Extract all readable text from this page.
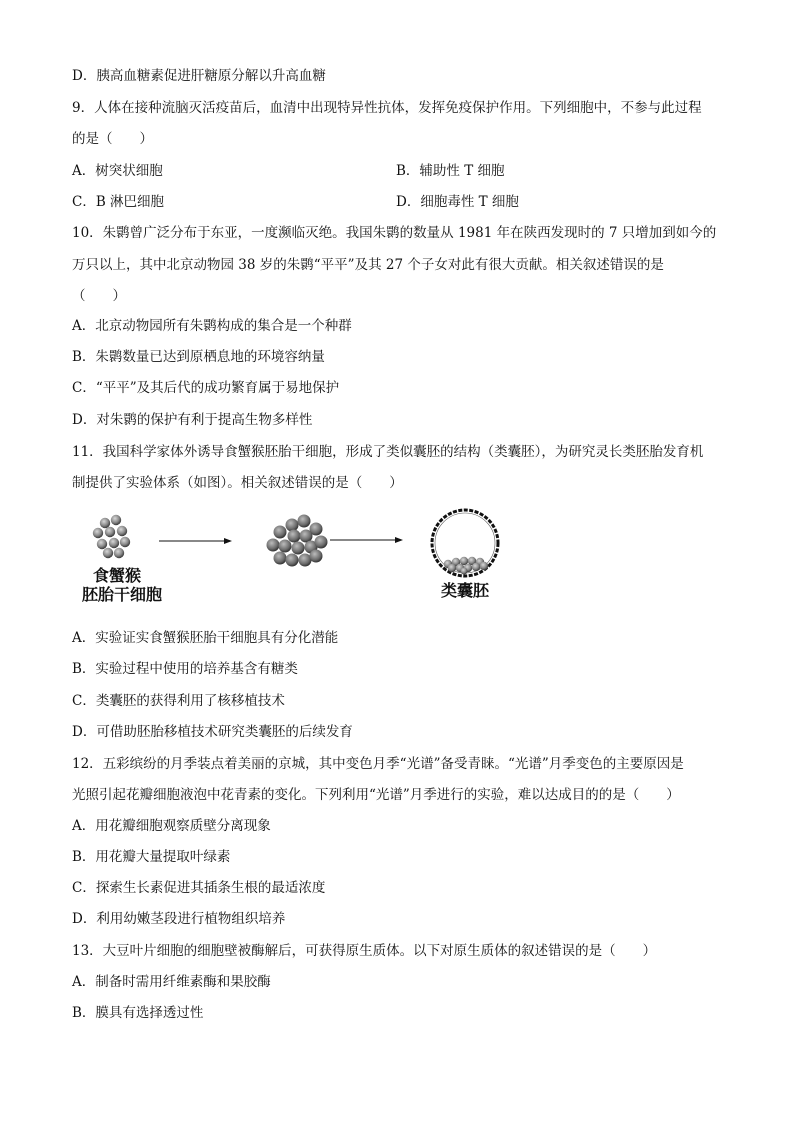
D．胰高血糖素促进肝糖原分解以升高血糖
9．人体在接种流脑灭活疫苗后，血清中出现特异性抗体，发挥免疫保护作用。下列细胞中，不参与此过程
的是（　　）
A．树突状细胞	B．辅助性 T 细胞
C．B 淋巴细胞	D．细胞毒性 T 细胞
10．朱鹮曾广泛分布于东亚，一度濒临灭绝。我国朱鹮的数量从 1981 年在陕西发现时的 7 只增加到如今的
万只以上，其中北京动物园 38 岁的朱鹮“平平”及其 27 个子女对此有很大贡献。相关叙述错误的是
（　　）
A．北京动物园所有朱鹮构成的集合是一个种群
B．朱鹮数量已达到原栖息地的环境容纳量
C．“平平”及其后代的成功繁育属于易地保护
D．对朱鹮的保护有利于提高生物多样性
11．我国科学家体外诱导食蟹猴胚胎干细胞，形成了类似囊胚的结构（类囊胚），为研究灵长类胚胎发育机
制提供了实验体系（如图）。相关叙述错误的是（　　）
食蟹猴
胚胎干细胞	类囊胚
A．实验证实食蟹猴胚胎干细胞具有分化潜能
B．实验过程中使用的培养基含有糖类
C．类囊胚的获得利用了核移植技术
D．可借助胚胎移植技术研究类囊胚的后续发育
12．五彩缤纷的月季装点着美丽的京城，其中变色月季“光谱”备受青睐。“光谱”月季变色的主要原因是
光照引起花瓣细胞液泡中花青素的变化。下列利用“光谱”月季进行的实验，难以达成目的的是（　　）
A．用花瓣细胞观察质壁分离现象
B．用花瓣大量提取叶绿素
C．探索生长素促进其插条生根的最适浓度
D．利用幼嫩茎段进行植物组织培养
13．大豆叶片细胞的细胞壁被酶解后，可获得原生质体。以下对原生质体的叙述错误的是（　　）
A．制备时需用纤维素酶和果胶酶
B．膜具有选择透过性
